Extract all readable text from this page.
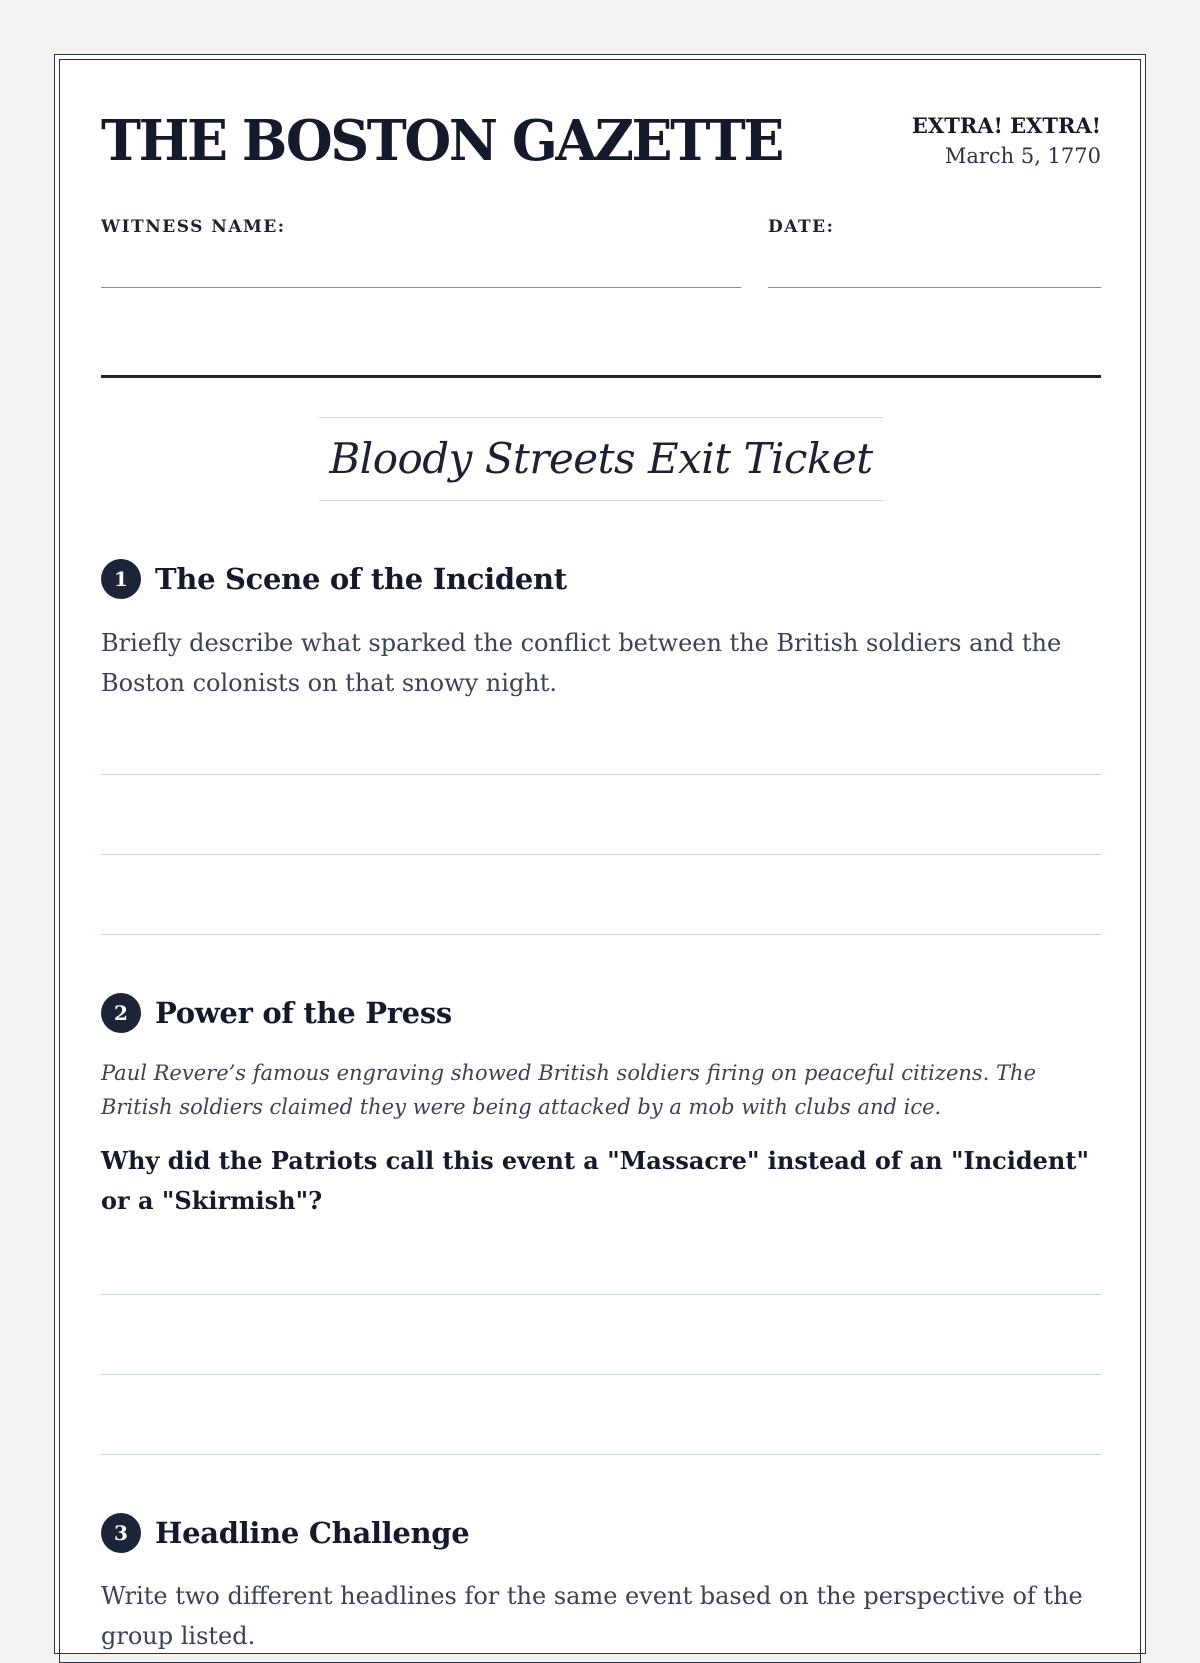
THE BOSTON GAZETTE	EXTRA! EXTRA!
March 5, 1770
WITNESS NAME:	DATE:
Bloody Streets Exit Ticket
1 The Scene of the Incident
Briefly describe what sparked the conflict between the British soldiers and the Boston colonists on that snowy night.
2 Power of the Press
Paul Revere’s famous engraving showed British soldiers firing on peaceful citizens. The British soldiers claimed they were being attacked by a mob with clubs and ice.
Why did the Patriots call this event a "Massacre" instead of an "Incident" or a "Skirmish"?
3 Headline Challenge
Write two different headlines for the same event based on the perspective of the group listed.
